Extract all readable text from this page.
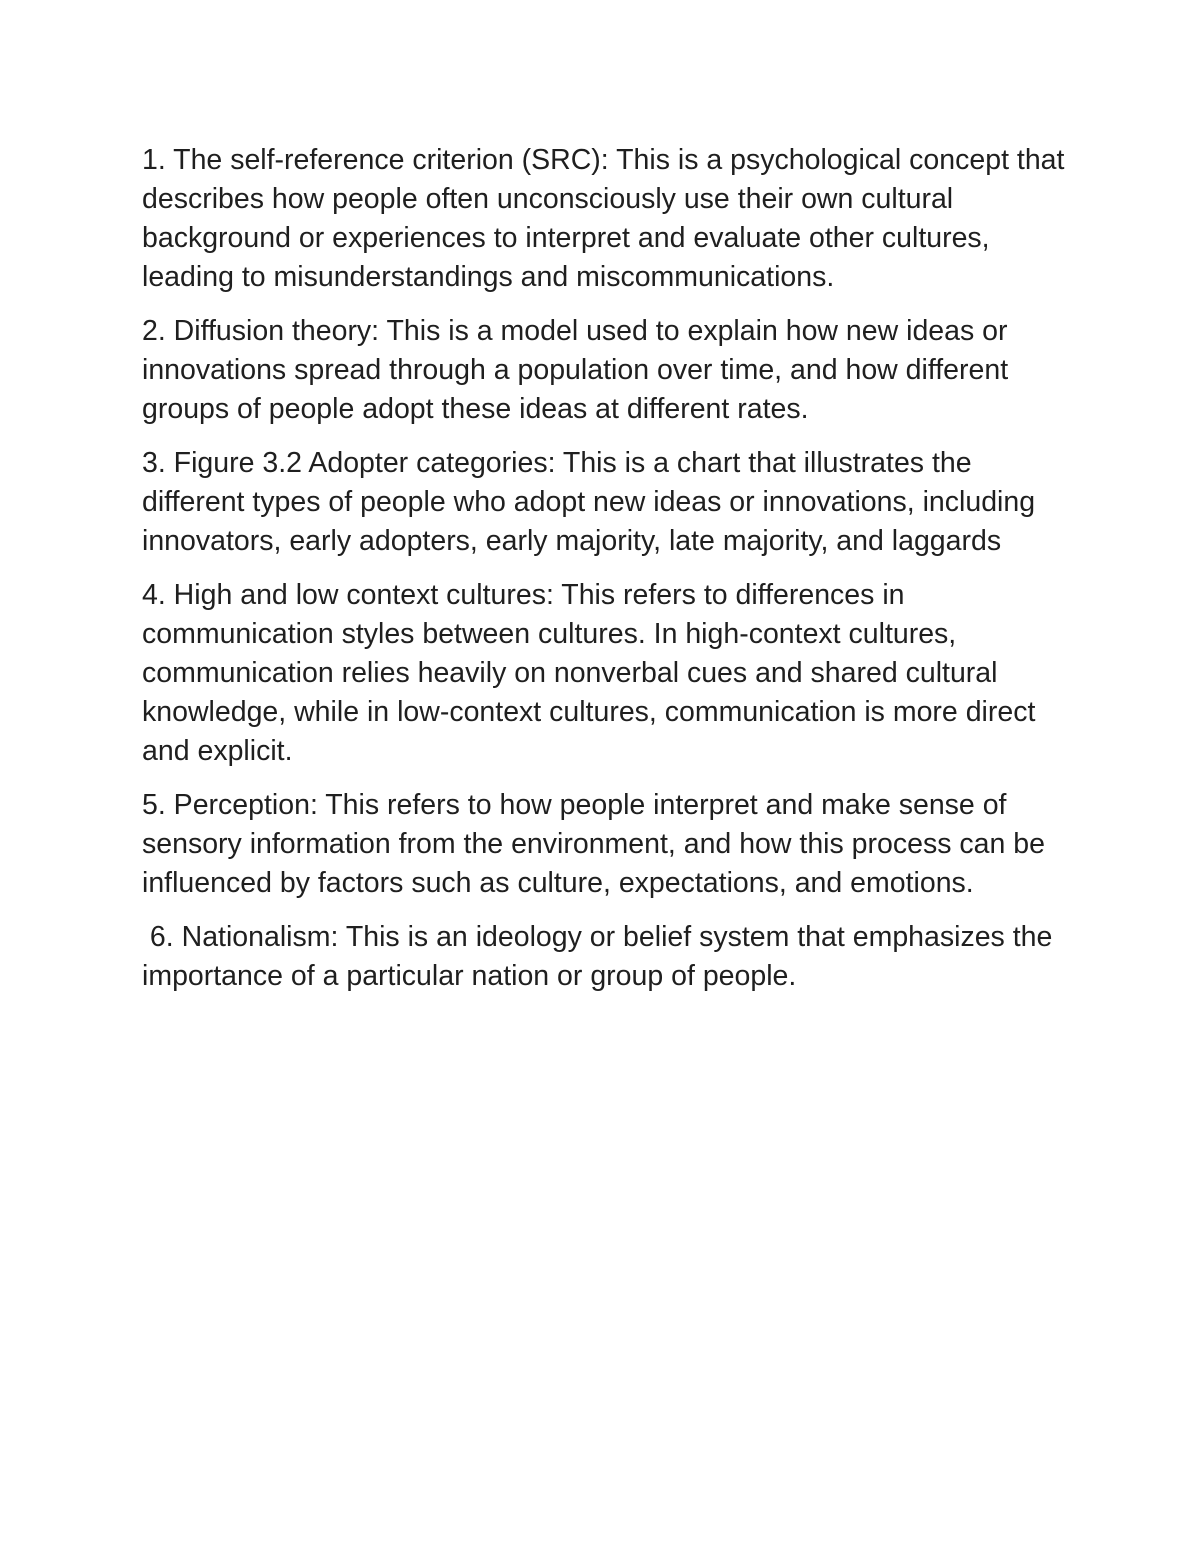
1. The self-reference criterion (SRC): This is a psychological concept that describes how people often unconsciously use their own cultural background or experiences to interpret and evaluate other cultures, leading to misunderstandings and miscommunications.

2. Diffusion theory: This is a model used to explain how new ideas or innovations spread through a population over time, and how different groups of people adopt these ideas at different rates.

3. Figure 3.2 Adopter categories: This is a chart that illustrates the different types of people who adopt new ideas or innovations, including innovators, early adopters, early majority, late majority, and laggards

4. High and low context cultures: This refers to differences in communication styles between cultures. In high-context cultures, communication relies heavily on nonverbal cues and shared cultural knowledge, while in low-context cultures, communication is more direct and explicit.

5. Perception: This refers to how people interpret and make sense of sensory information from the environment, and how this process can be influenced by factors such as culture, expectations, and emotions.

6. Nationalism: This is an ideology or belief system that emphasizes the importance of a particular nation or group of people.
